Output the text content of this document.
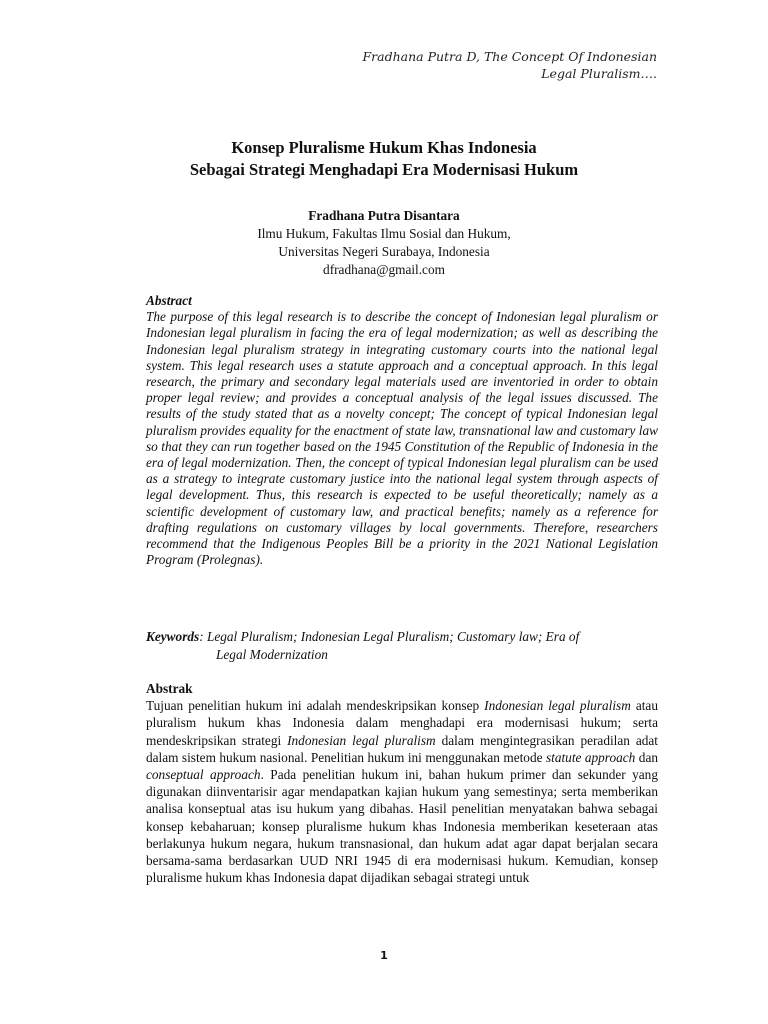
Fradhana Putra D, The Concept Of Indonesian
Legal Pluralism….
Konsep Pluralisme Hukum Khas Indonesia
Sebagai Strategi Menghadapi Era Modernisasi Hukum
Fradhana Putra Disantara
Ilmu Hukum, Fakultas Ilmu Sosial dan Hukum,
Universitas Negeri Surabaya, Indonesia
dfradhana@gmail.com
Abstract
The purpose of this legal research is to describe the concept of Indonesian legal pluralism or Indonesian legal pluralism in facing the era of legal modernization; as well as describing the Indonesian legal pluralism strategy in integrating customary courts into the national legal system. This legal research uses a statute approach and a conceptual approach. In this legal research, the primary and secondary legal materials used are inventoried in order to obtain proper legal review; and provides a conceptual analysis of the legal issues discussed. The results of the study stated that as a novelty concept; The concept of typical Indonesian legal pluralism provides equality for the enactment of state law, transnational law and customary law so that they can run together based on the 1945 Constitution of the Republic of Indonesia in the era of legal modernization. Then, the concept of typical Indonesian legal pluralism can be used as a strategy to integrate customary justice into the national legal system through aspects of legal development. Thus, this research is expected to be useful theoretically; namely as a scientific development of customary law, and practical benefits; namely as a reference for drafting regulations on customary villages by local governments. Therefore, researchers recommend that the Indigenous Peoples Bill be a priority in the 2021 National Legislation Program (Prolegnas).
Keywords: Legal Pluralism; Indonesian Legal Pluralism; Customary law; Era of
Legal Modernization
Abstrak
Tujuan penelitian hukum ini adalah mendeskripsikan konsep Indonesian legal pluralism atau pluralism hukum khas Indonesia dalam menghadapi era modernisasi hukum; serta mendeskripsikan strategi Indonesian legal pluralism dalam mengintegrasikan peradilan adat dalam sistem hukum nasional. Penelitian hukum ini menggunakan metode statute approach dan conseptual approach. Pada penelitian hukum ini, bahan hukum primer dan sekunder yang digunakan diinventarisir agar mendapatkan kajian hukum yang semestinya; serta memberikan analisa konseptual atas isu hukum yang dibahas. Hasil penelitian menyatakan bahwa sebagai konsep kebaharuan; konsep pluralisme hukum khas Indonesia memberikan keseteraan atas berlakunya hukum negara, hukum transnasional, dan hukum adat agar dapat berjalan secara bersama-sama berdasarkan UUD NRI 1945 di era modernisasi hukum. Kemudian, konsep pluralisme hukum khas Indonesia dapat dijadikan sebagai strategi untuk
1
